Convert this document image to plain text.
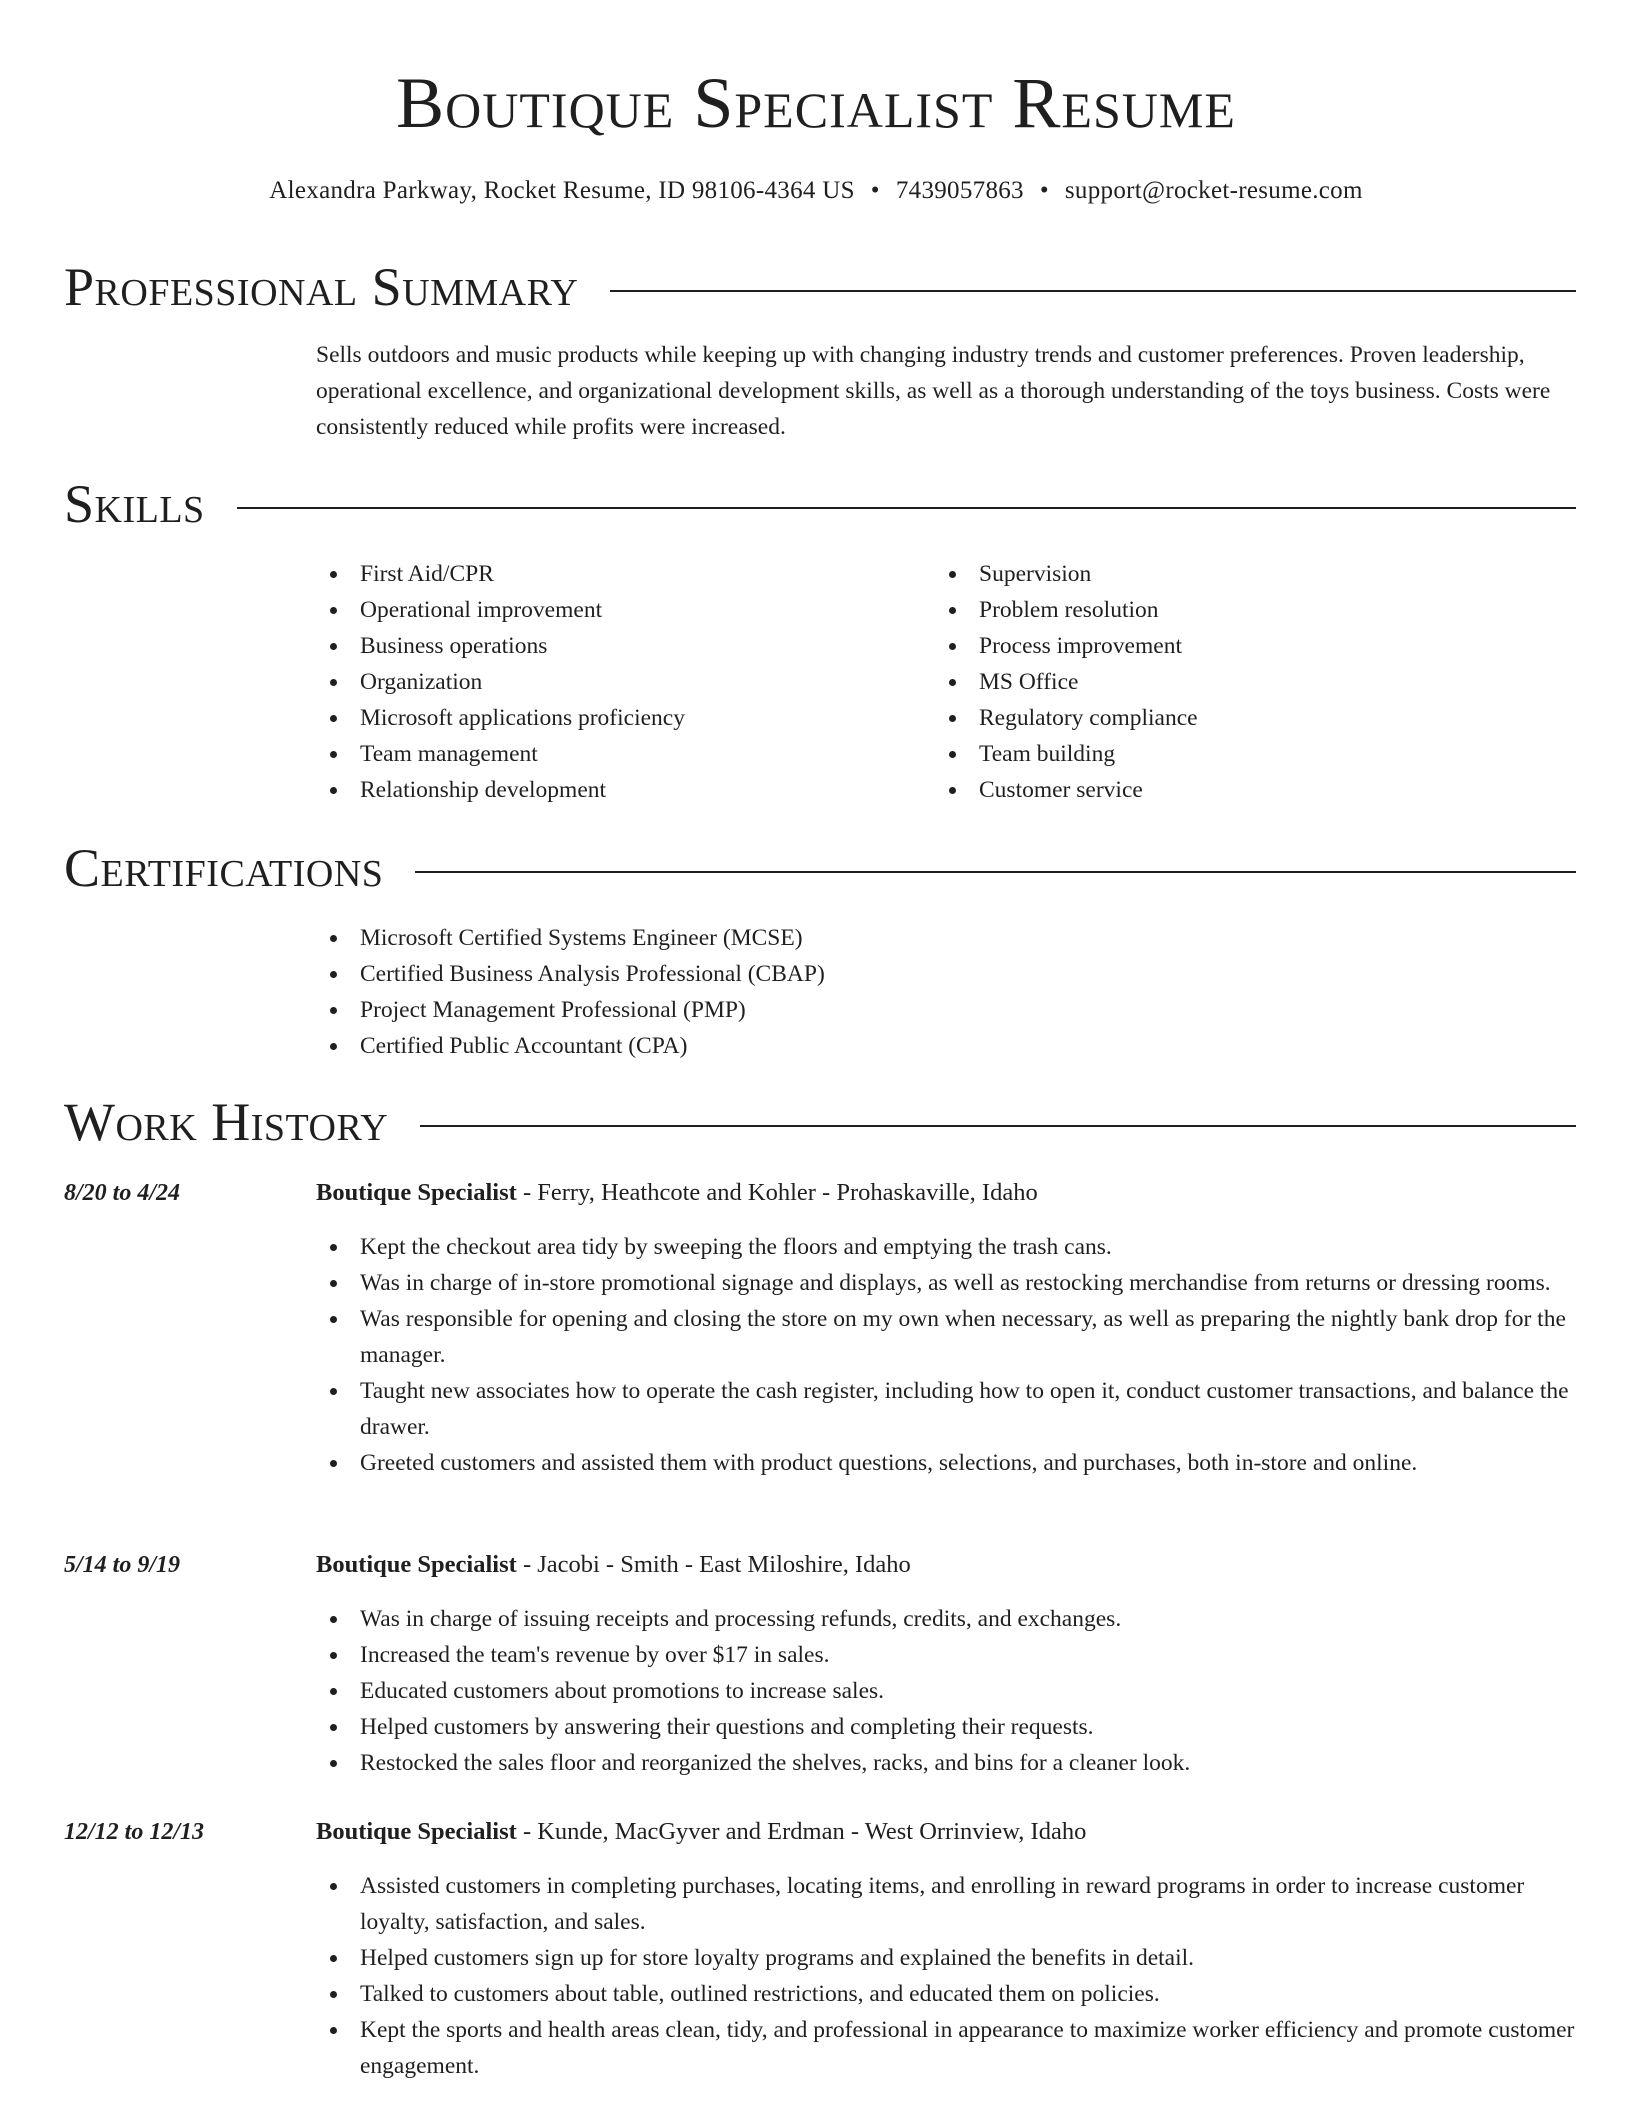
Boutique Specialist Resume
Alexandra Parkway, Rocket Resume, ID 98106-4364 US • 7439057863 • support@rocket-resume.com
Professional Summary

Sells outdoors and music products while keeping up with changing industry trends and customer preferences. Proven leadership, operational excellence, and organizational development skills, as well as a thorough understanding of the toys business. Costs were consistently reduced while profits were increased.

Skills
First Aid/CPR
Operational improvement
Business operations
Organization
Microsoft applications proficiency
Team management
Relationship development
Supervision
Problem resolution
Process improvement
MS Office
Regulatory compliance
Team building
Customer service
Certifications
Microsoft Certified Systems Engineer (MCSE)
Certified Business Analysis Professional (CBAP)
Project Management Professional (PMP)
Certified Public Accountant (CPA)
Work History
8/20 to 4/24	Boutique Specialist - Ferry, Heathcote and Kohler - Prohaskaville, Idaho
Kept the checkout area tidy by sweeping the floors and emptying the trash cans.
Was in charge of in-store promotional signage and displays, as well as restocking merchandise from returns or dressing rooms.
Was responsible for opening and closing the store on my own when necessary, as well as preparing the nightly bank drop for the manager.
Taught new associates how to operate the cash register, including how to open it, conduct customer transactions, and balance the drawer.
Greeted customers and assisted them with product questions, selections, and purchases, both in-store and online.
5/14 to 9/19	Boutique Specialist - Jacobi - Smith - East Miloshire, Idaho
Was in charge of issuing receipts and processing refunds, credits, and exchanges.
Increased the team's revenue by over $17 in sales.
Educated customers about promotions to increase sales.
Helped customers by answering their questions and completing their requests.
Restocked the sales floor and reorganized the shelves, racks, and bins for a cleaner look.
12/12 to 12/13	Boutique Specialist - Kunde, MacGyver and Erdman - West Orrinview, Idaho
Assisted customers in completing purchases, locating items, and enrolling in reward programs in order to increase customer loyalty, satisfaction, and sales.
Helped customers sign up for store loyalty programs and explained the benefits in detail.
Talked to customers about table, outlined restrictions, and educated them on policies.
Kept the sports and health areas clean, tidy, and professional in appearance to maximize worker efficiency and promote customer engagement.
